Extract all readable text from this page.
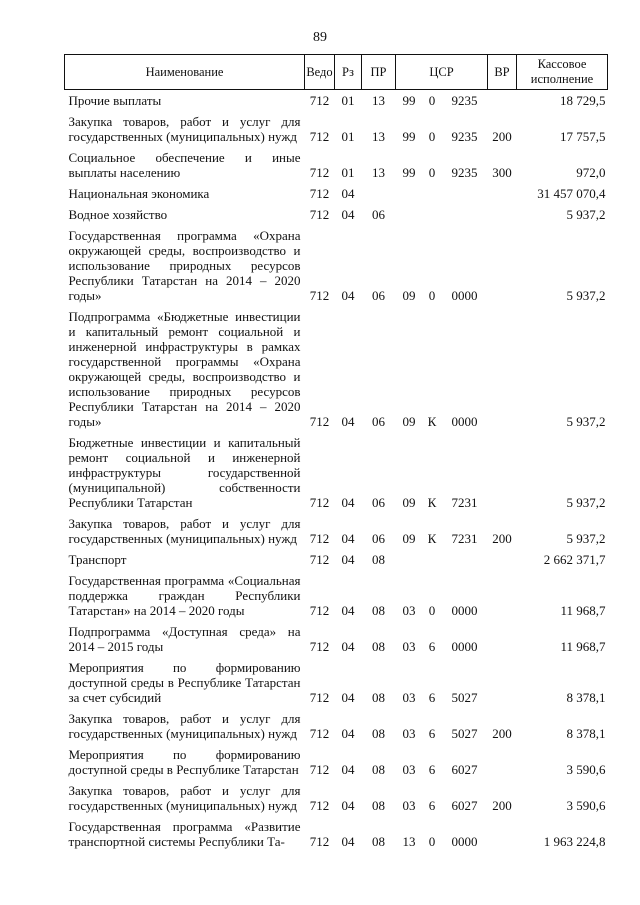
89
Наименование	Ведо	Рз	ПР	ЦСР			ВР	Кассовое исполнение
Прочие выплаты	712	01	13	99	0	9235		18 729,5
Закупка товаров, работ и услуг для государственных (муниципальных) нужд	712	01	13	99	0	9235	200	17 757,5
Социальное обеспечение и иные выплаты населению	712	01	13	99	0	9235	300	972,0
Национальная экономика	712	04						31 457 070,4
Водное хозяйство	712	04	06					5 937,2
Государственная программа «Охрана окружающей среды, воспроизводство и использование природных ресурсов Республики Татарстан на 2014 – 2020 годы»	712	04	06	09	0	0000		5 937,2
Подпрограмма «Бюджетные инвестиции и капитальный ремонт социальной и инженерной инфраструктуры в рамках государственной программы «Охрана окружающей среды, воспроизводство и использование природных ресурсов Республики Татарстан на 2014 – 2020 годы»	712	04	06	09	К	0000		5 937,2
Бюджетные инвестиции и капитальный ремонт социальной и инженерной инфраструктуры государственной (муниципальной) собственности Республики Татарстан	712	04	06	09	К	7231		5 937,2
Закупка товаров, работ и услуг для государственных (муниципальных) нужд	712	04	06	09	К	7231	200	5 937,2
Транспорт	712	04	08					2 662 371,7
Государственная программа «Социальная поддержка граждан Республики Татарстан» на 2014 – 2020 годы	712	04	08	03	0	0000		11 968,7
Подпрограмма «Доступная среда» на 2014 – 2015 годы	712	04	08	03	6	0000		11 968,7
Мероприятия по формированию доступной среды в Республике Татарстан за счет субсидий	712	04	08	03	6	5027		8 378,1
Закупка товаров, работ и услуг для государственных (муниципальных) нужд	712	04	08	03	6	5027	200	8 378,1
Мероприятия по формированию доступной среды в Республике Татарстан	712	04	08	03	6	6027		3 590,6
Закупка товаров, работ и услуг для государственных (муниципальных) нужд	712	04	08	03	6	6027	200	3 590,6
Государственная программа «Развитие транспортной системы Республики Та-	712	04	08	13	0	0000		1 963 224,8
